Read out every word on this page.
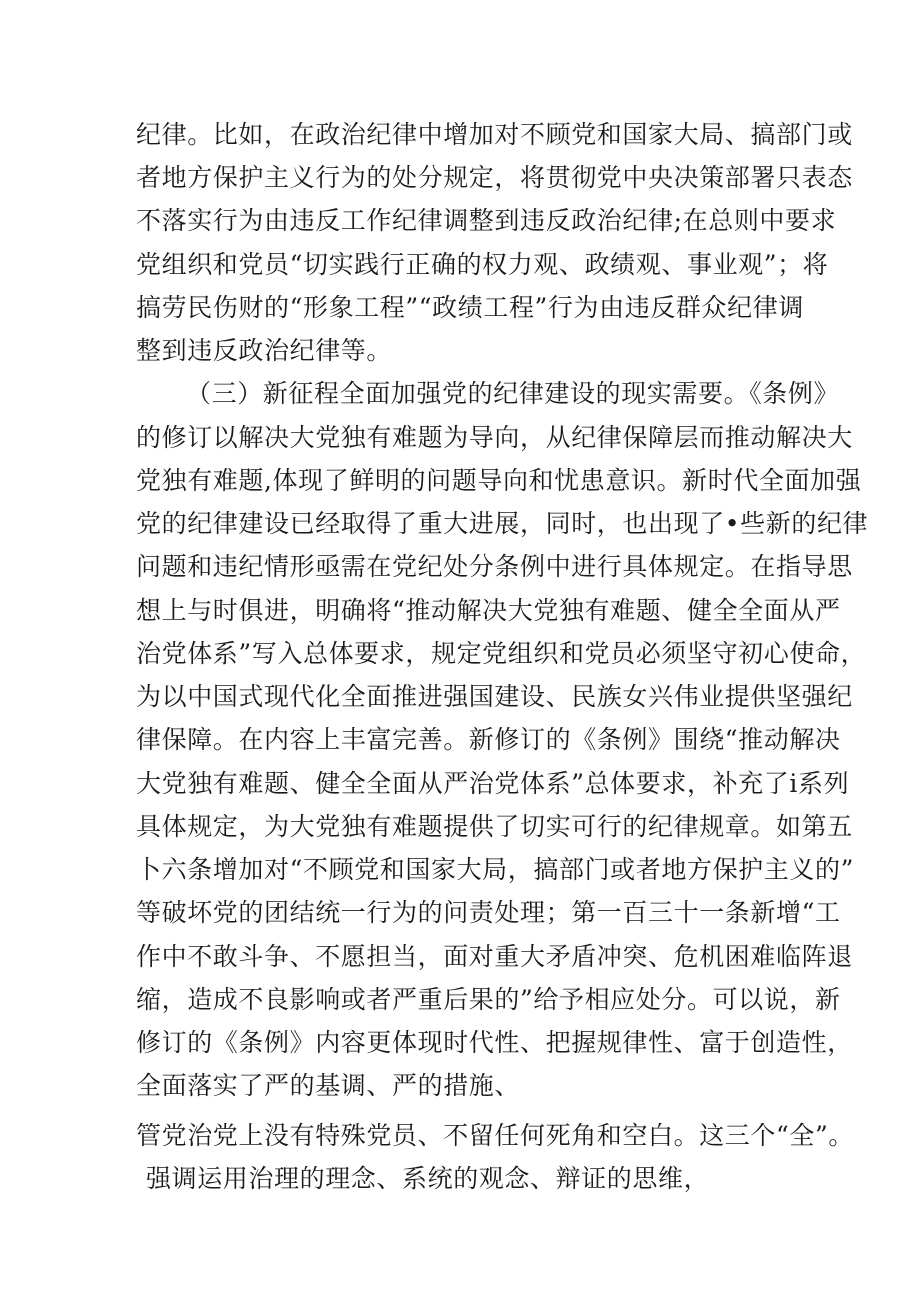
纪律。比如，在政治纪律中增加对不顾党和国家大局、搞部门或
者地方保护主义行为的处分规定，将贯彻党中央决策部署只表态
不落实行为由违反工作纪律调整到违反政治纪律;在总则中要求
党组织和党员“切实践行正确的权力观、政绩观、事业观”；将
搞劳民伤财的“形象工程”“政绩工程”行为由违反群众纪律调
整到违反政治纪律等。
（三）新征程全面加强党的纪律建设的现实需要。《条例》
的修订以解决大党独有难题为导向，从纪律保障层而推动解决大
党独有难题,体现了鲜明的问题导向和忧患意识。新时代全面加强
党的纪律建设已经取得了重大进展，同时，也出现了•些新的纪律
问题和违纪情形亟需在党纪处分条例中进行具体规定。在指导思
想上与时俱进，明确将“推动解决大党独有难题、健全全面从严
治党体系”写入总体要求，规定党组织和党员必须坚守初心使命，
为以中国式现代化全面推进强国建设、民族女兴伟业提供坚强纪
律保障。在内容上丰富完善。新修订的《条例》围绕“推动解决
大党独有难题、健全全面从严治党体系”总体要求，补充了i系列
具体规定，为大党独有难题提供了切实可行的纪律规章。如第五
卜六条增加对“不顾党和国家大局，搞部门或者地方保护主义的”
等破坏党的团结统一行为的问责处理；第一百三十一条新增“工
作中不敢斗争、不愿担当，面对重大矛盾冲突、危机困难临阵退
缩，造成不良影响或者严重后果的”给予相应处分。可以说，新
修订的《条例》内容更体现时代性、把握规律性、富于创造性，
全面落实了严的基调、严的措施、
管党治党上没有特殊党员、不留任何死角和空白。这三个“全”。
强调运用治理的理念、系统的观念、辩证的思维，
